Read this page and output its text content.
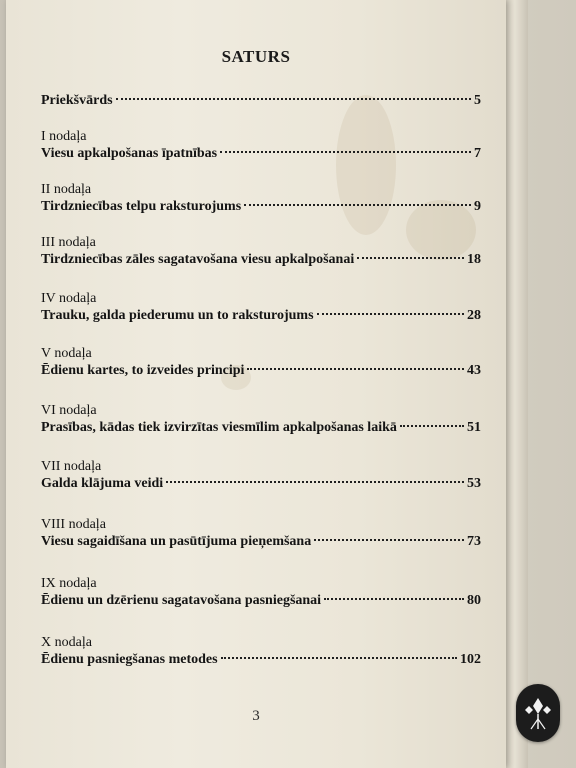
SATURS
Priekšvārds	5
I nodaļa
Viesu apkalpošanas īpatnības	7
II nodaļa
Tirdzniecības telpu raksturojums	9
III nodaļa
Tirdzniecības zāles sagatavošana viesu apkalpošanai	18
IV nodaļa
Trauku, galda piederumu un to raksturojums	28
V nodaļa
Ēdienu kartes, to izveides principi	43
VI nodaļa
Prasības, kādas tiek izvirzītas viesmīlim apkalpošanas laikā	51
VII nodaļa
Galda klājuma veidi	53
VIII nodaļa
Viesu sagaidīšana un pasūtījuma pieņemšana	73
IX nodaļa
Ēdienu un dzērienu sagatavošana pasniegšanai	80
X nodaļa
Ēdienu pasniegšanas metodes	102
3
